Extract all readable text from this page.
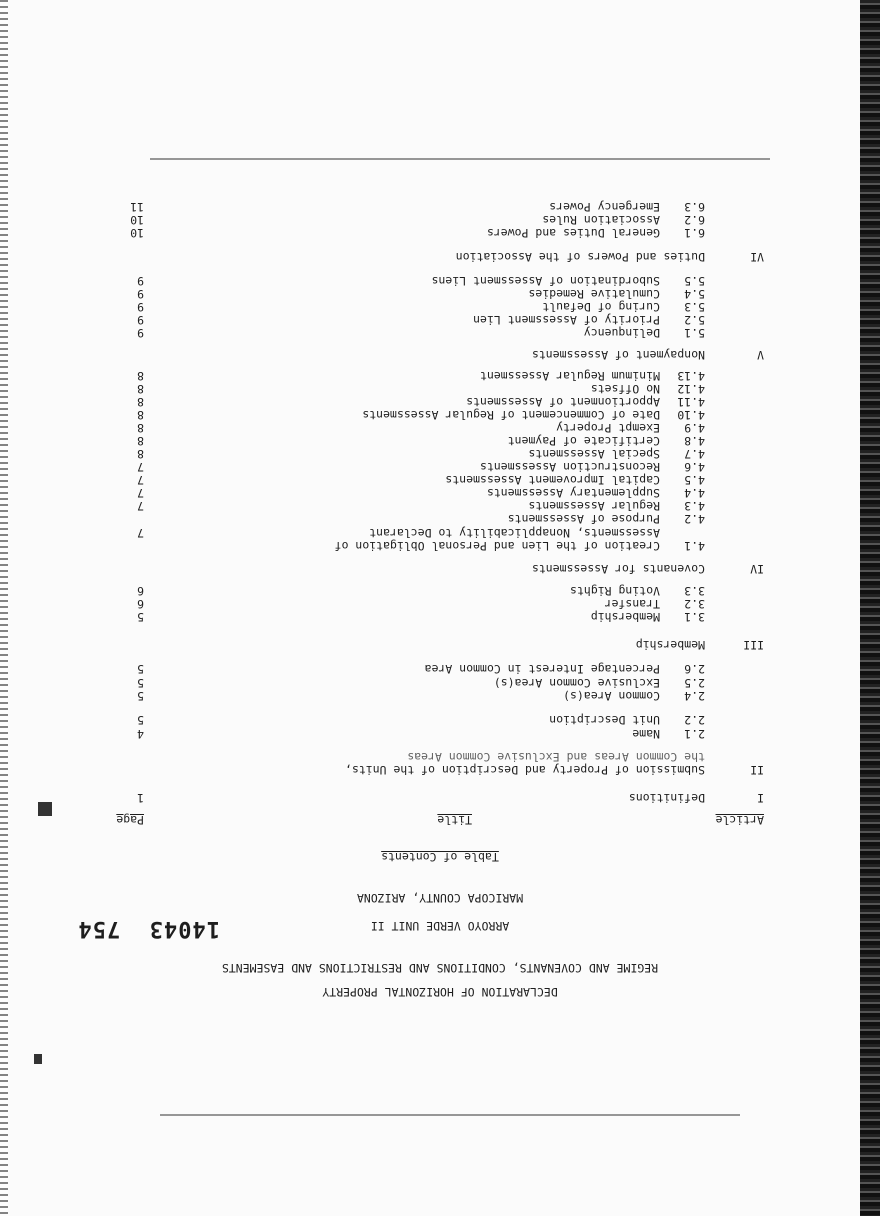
DECLARATION OF HORIZONTAL PROPERTY
REGIME AND COVENANTS, CONDITIONS AND RESTRICTIONS AND EASEMENTS
ARROYO VERDE UNIT II
MARICOPA COUNTY, ARIZONA
14043  754
Table of Contents
Article
Title
Page
I
Definitions
1
II
Submission of Property and Description of the Units,
the Common Areas and Exclusive Common Areas
2.1
Name
4
2.2
Unit Description
5
2.4
Common Area(s)
5
2.5
Exclusive Common Area(s)
5
2.6
Percentage Interest in Common Area
5
III
Membership
3.1
Membership
5
3.2
Transfer
6
3.3
Voting Rights
6
IV
Covenants for Assessments
4.1
Creation of the Lien and Personal Obligation of
Assessments, Nonapplicability to Declarant
7
4.2
Purpose of Assessments
4.3
Regular Assessments
7
4.4
Supplementary Assessments
7
4.5
Capital Improvement Assessments
7
4.6
Reconstruction Assessments
7
4.7
Special Assessments
8
4.8
Certificate of Payment
8
4.9
Exempt Property
8
4.10
Date of Commencement of Regular Assessments
8
4.11
Apportionment of Assessments
8
4.12
No Offsets
8
4.13
Minimum Regular Assessment
8
V
Nonpayment of Assessments
5.1
Delinquency
9
5.2
Priority of Assessment Lien
9
5.3
Curing of Default
9
5.4
Cumulative Remedies
9
5.5
Subordination of Assessment Liens
9
VI
Duties and Powers of the Association
6.1
General Duties and Powers
10
6.2
Association Rules
10
6.3
Emergency Powers
11
